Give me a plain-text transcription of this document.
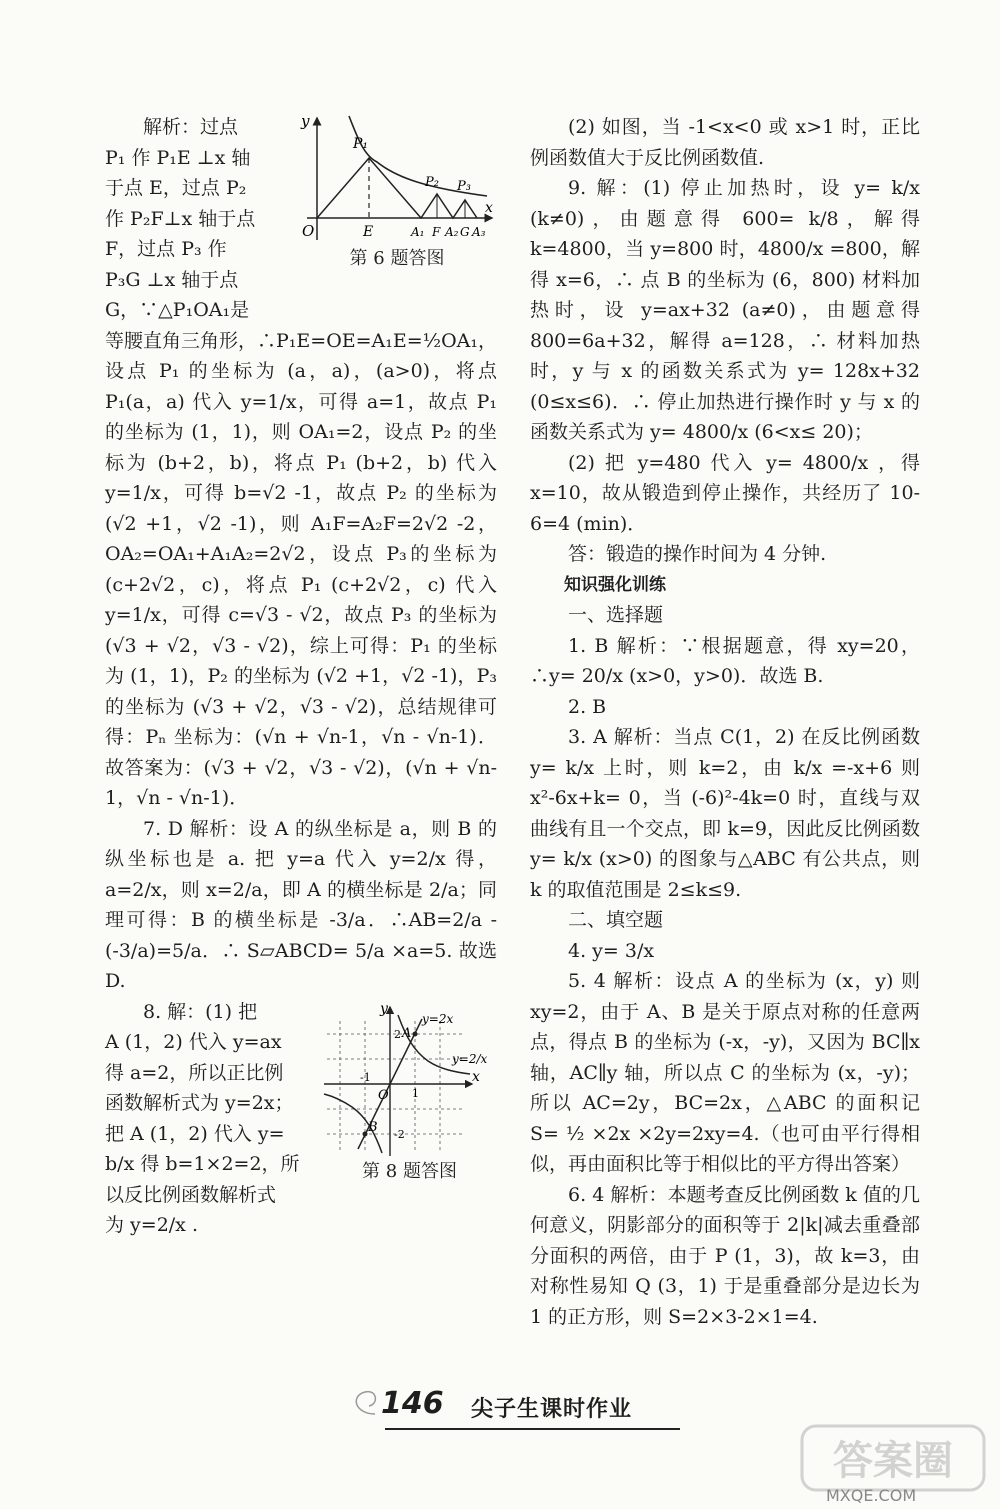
y
x
O	E
P₁
P₂ P₃
A₁ F A₂ G A₃
第 6 题答图

解析：过点

P₁ 作 P₁E ⊥x 轴

于点 E，过点 P₂

作 P₂F⊥x 轴于点

F，过点 P₃ 作

P₃G ⊥x 轴于点

G，∵△P₁OA₁是

等腰直角三角形，∴P₁E=OE=A₁E=½OA₁，设点 P₁ 的坐标为 (a，a)，(a>0)，将点 P₁(a，a) 代入 y=1/x，可得 a=1，故点 P₁ 的坐标为 (1，1)，则 OA₁=2，设点 P₂ 的坐标为 (b+2，b)，将点 P₁ (b+2，b) 代入 y=1/x，可得 b=√2 -1，故点 P₂ 的坐标为 (√2 +1，√2 -1)，则 A₁F=A₂F=2√2 -2，OA₂=OA₁+A₁A₂=2√2，设点 P₃的坐标为 (c+2√2，c)，将点 P₁ (c+2√2，c) 代入 y=1/x，可得 c=√3 - √2，故点 P₃ 的坐标为 (√3 + √2，√3 - √2)，综上可得：P₁ 的坐标为 (1，1)，P₂ 的坐标为 (√2 +1，√2 -1)，P₃ 的坐标为 (√3 + √2，√3 - √2)，总结规律可得：Pₙ 坐标为：(√n + √n-1，√n - √n-1)．故答案为：(√3 + √2，√3 - √2)，(√n + √n-1，√n - √n-1)．

7. D 解析：设 A 的纵坐标是 a，则 B 的纵坐标也是 a. 把 y=a 代入 y=2/x 得，a=2/x，则 x=2/a，即 A 的横坐标是 2/a；同理可得：B 的横坐标是 -3/a．∴AB=2/a -(-3/a)=5/a．∴ S▱ABCD= 5/a ×a=5. 故选 D.

y
x
O
A
B
y=2x
y=2/x
1
-1
2
-2
第 8 题答图

8. 解：(1) 把

A (1，2) 代入 y=ax

得 a=2，所以正比例

函数解析式为 y=2x；

把 A (1，2) 代入 y=

b/x 得 b=1×2=2，所

以反比例函数解析式

为 y=2/x .

(2) 如图，当 -1<x<0 或 x>1 时，正比例函数值大于反比例函数值.

9. 解：(1) 停止加热时，设 y= k/x (k≠0)，由题意得 600= k/8，解得 k=4800，当 y=800 时，4800/x =800，解得 x=6，∴ 点 B 的坐标为 (6，800) 材料加热时，设 y=ax+32 (a≠0)，由题意得 800=6a+32，解得 a=128，∴ 材料加热时，y 与 x 的函数关系式为 y= 128x+32 (0≤x≤6)．∴ 停止加热进行操作时 y 与 x 的函数关系式为 y= 4800/x (6<x≤ 20)；

(2) 把 y=480 代入 y= 4800/x ，得 x=10，故从锻造到停止操作，共经历了 10-6=4 (min)．

答：锻造的操作时间为 4 分钟.

知识强化训练

一、选择题

1. B 解析：∵根据题意，得 xy=20，∴y= 20/x (x>0，y>0)．故选 B.

2. B

3. A 解析：当点 C(1，2) 在反比例函数 y= k/x 上时，则 k=2，由 k/x =-x+6 则 x²-6x+k= 0，当 (-6)²-4k=0 时，直线与双曲线有且一个交点，即 k=9，因此反比例函数 y= k/x (x>0) 的图象与△ABC 有公共点，则 k 的取值范围是 2≤k≤9.

二、填空题

4. y= 3/x

5. 4 解析：设点 A 的坐标为 (x，y) 则 xy=2，由于 A、B 是关于原点对称的任意两点，得点 B 的坐标为 (-x，-y)，又因为 BC∥x 轴，AC∥y 轴，所以点 C 的坐标为 (x，-y)；所以 AC=2y，BC=2x，△ABC 的面积记 S= ½ ×2x ×2y=2xy=4.（也可由平行得相似，再由面积比等于相似比的平方得出答案）

6. 4 解析：本题考查反比例函数 k 值的几何意义，阴影部分的面积等于 2|k|减去重叠部分面积的两倍，由于 P (1，3)，故 k=3，由对称性易知 Q (3，1) 于是重叠部分是边长为 1 的正方形，则 S=2×3-2×1=4.

146 尖子生课时作业
答案圈
MXQE.COM
